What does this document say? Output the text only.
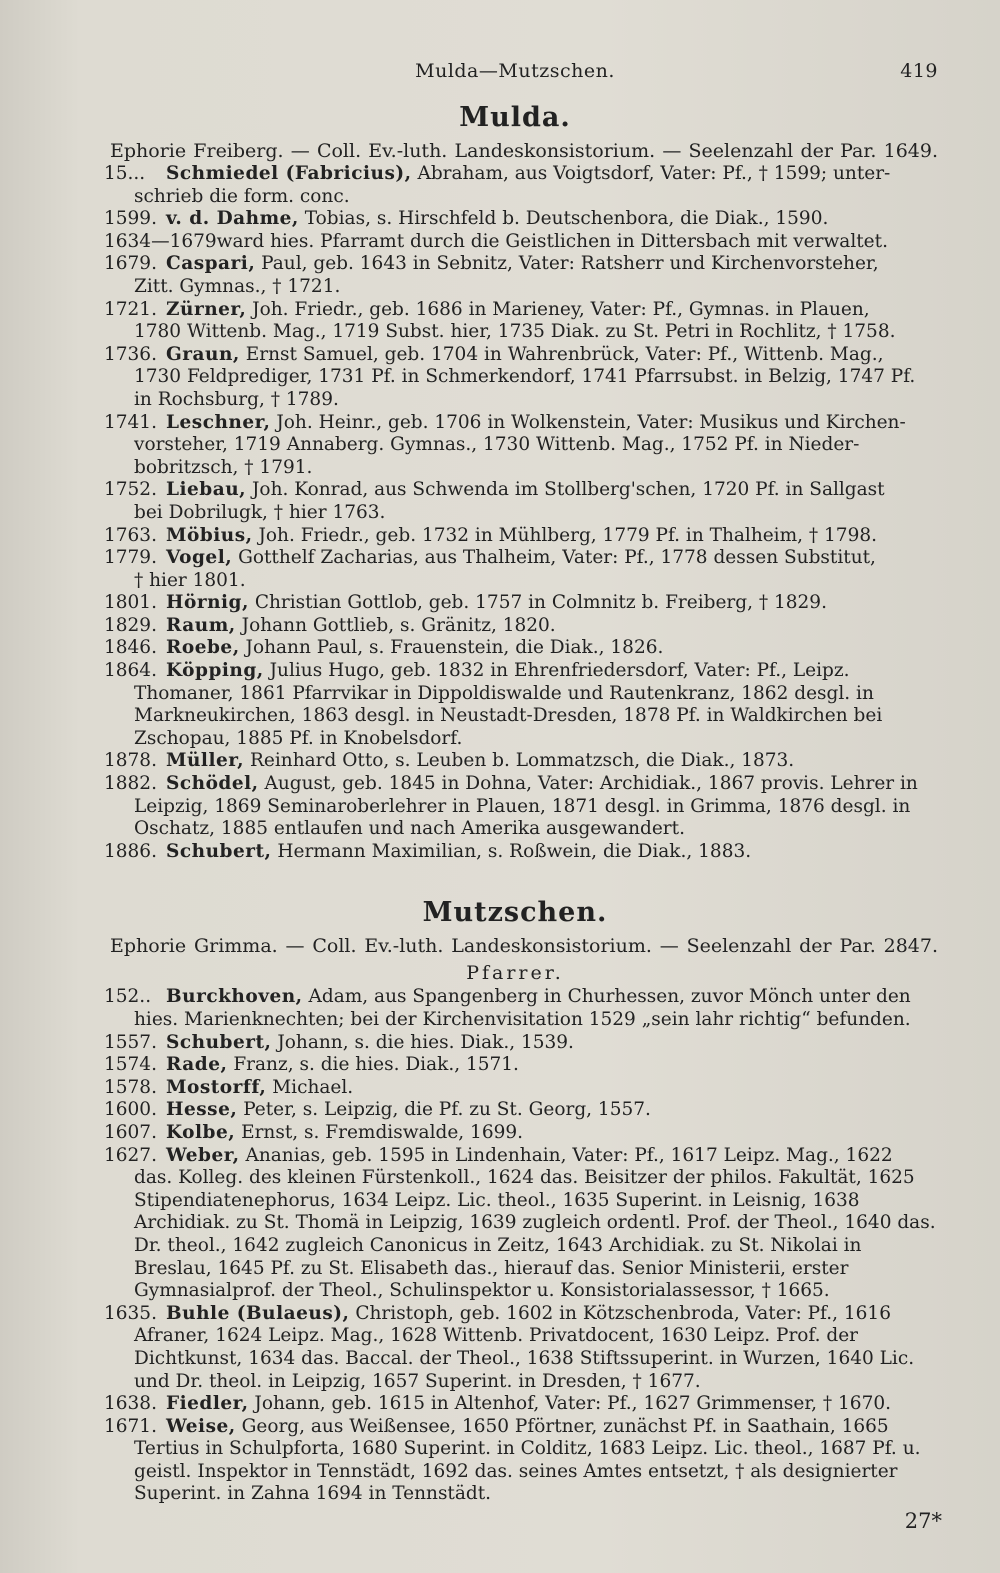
Mulda—Mutzschen.	419
Mulda.
Ephorie Freiberg. — Coll. Ev.-luth. Landeskonsistorium. — Seelenzahl der Par. 1649.
15... Schmiedel (Fabricius), Abraham, aus Voigtsdorf, Vater: Pf., † 1599; unter-
schrieb die form. conc.
1599. v. d. Dahme, Tobias, s. Hirschfeld b. Deutschenbora, die Diak., 1590.
1634—1679ward hies. Pfarramt durch die Geistlichen in Dittersbach mit verwaltet.
1679. Caspari, Paul, geb. 1643 in Sebnitz, Vater: Ratsherr und Kirchenvorsteher,
Zitt. Gymnas., † 1721.
1721. Zürner, Joh. Friedr., geb. 1686 in Marieney, Vater: Pf., Gymnas. in Plauen,
1780 Wittenb. Mag., 1719 Subst. hier, 1735 Diak. zu St. Petri in Rochlitz, † 1758.
1736. Graun, Ernst Samuel, geb. 1704 in Wahrenbrück, Vater: Pf., Wittenb. Mag.,
1730 Feldprediger, 1731 Pf. in Schmerkendorf, 1741 Pfarrsubst. in Belzig, 1747 Pf. in Rochsburg, † 1789.
1741. Leschner, Joh. Heinr., geb. 1706 in Wolkenstein, Vater: Musikus und Kirchen-
vorsteher, 1719 Annaberg. Gymnas., 1730 Wittenb. Mag., 1752 Pf. in Nieder-bobritzsch, † 1791.
1752. Liebau, Joh. Konrad, aus Schwenda im Stollberg'schen, 1720 Pf. in Sallgast
bei Dobrilugk, † hier 1763.
1763. Möbius, Joh. Friedr., geb. 1732 in Mühlberg, 1779 Pf. in Thalheim, † 1798.
1779. Vogel, Gotthelf Zacharias, aus Thalheim, Vater: Pf., 1778 dessen Substitut,
† hier 1801.
1801. Hörnig, Christian Gottlob, geb. 1757 in Colmnitz b. Freiberg, † 1829.
1829. Raum, Johann Gottlieb, s. Gränitz, 1820.
1846. Roebe, Johann Paul, s. Frauenstein, die Diak., 1826.
1864. Köpping, Julius Hugo, geb. 1832 in Ehrenfriedersdorf, Vater: Pf., Leipz.
Thomaner, 1861 Pfarrvikar in Dippoldiswalde und Rautenkranz, 1862 desgl. in Markneukirchen, 1863 desgl. in Neustadt-Dresden, 1878 Pf. in Waldkirchen bei Zschopau, 1885 Pf. in Knobelsdorf.
1878. Müller, Reinhard Otto, s. Leuben b. Lommatzsch, die Diak., 1873.
1882. Schödel, August, geb. 1845 in Dohna, Vater: Archidiak., 1867 provis. Lehrer in
Leipzig, 1869 Seminaroberlehrer in Plauen, 1871 desgl. in Grimma, 1876 desgl. in Oschatz, 1885 entlaufen und nach Amerika ausgewandert.
1886. Schubert, Hermann Maximilian, s. Roßwein, die Diak., 1883.
Mutzschen.
Ephorie Grimma. — Coll. Ev.-luth. Landeskonsistorium. — Seelenzahl der Par. 2847.
Pfarrer.
152.. Burckhoven, Adam, aus Spangenberg in Churhessen, zuvor Mönch unter den
hies. Marienknechten; bei der Kirchenvisitation 1529 „sein lahr richtig“ befunden.
1557. Schubert, Johann, s. die hies. Diak., 1539.
1574. Rade, Franz, s. die hies. Diak., 1571.
1578. Mostorff, Michael.
1600. Hesse, Peter, s. Leipzig, die Pf. zu St. Georg, 1557.
1607. Kolbe, Ernst, s. Fremdiswalde, 1699.
1627. Weber, Ananias, geb. 1595 in Lindenhain, Vater: Pf., 1617 Leipz. Mag., 1622
das. Kolleg. des kleinen Fürstenkoll., 1624 das. Beisitzer der philos. Fakultät, 1625 Stipendiatenephorus, 1634 Leipz. Lic. theol., 1635 Superint. in Leisnig, 1638 Archidiak. zu St. Thomä in Leipzig, 1639 zugleich ordentl. Prof. der Theol., 1640 das. Dr. theol., 1642 zugleich Canonicus in Zeitz, 1643 Archidiak. zu St. Nikolai in Breslau, 1645 Pf. zu St. Elisabeth das., hierauf das. Senior Ministerii, erster Gymnasialprof. der Theol., Schulinspektor u. Konsistorialassessor, † 1665.
1635. Buhle (Bulaeus), Christoph, geb. 1602 in Kötzschenbroda, Vater: Pf., 1616
Afraner, 1624 Leipz. Mag., 1628 Wittenb. Privatdocent, 1630 Leipz. Prof. der Dichtkunst, 1634 das. Baccal. der Theol., 1638 Stiftssuperint. in Wurzen, 1640 Lic. und Dr. theol. in Leipzig, 1657 Superint. in Dresden, † 1677.
1638. Fiedler, Johann, geb. 1615 in Altenhof, Vater: Pf., 1627 Grimmenser, † 1670.
1671. Weise, Georg, aus Weißensee, 1650 Pförtner, zunächst Pf. in Saathain, 1665
Tertius in Schulpforta, 1680 Superint. in Colditz, 1683 Leipz. Lic. theol., 1687 Pf. u. geistl. Inspektor in Tennstädt, 1692 das. seines Amtes entsetzt, † als designierter Superint. in Zahna 1694 in Tennstädt.
27*
